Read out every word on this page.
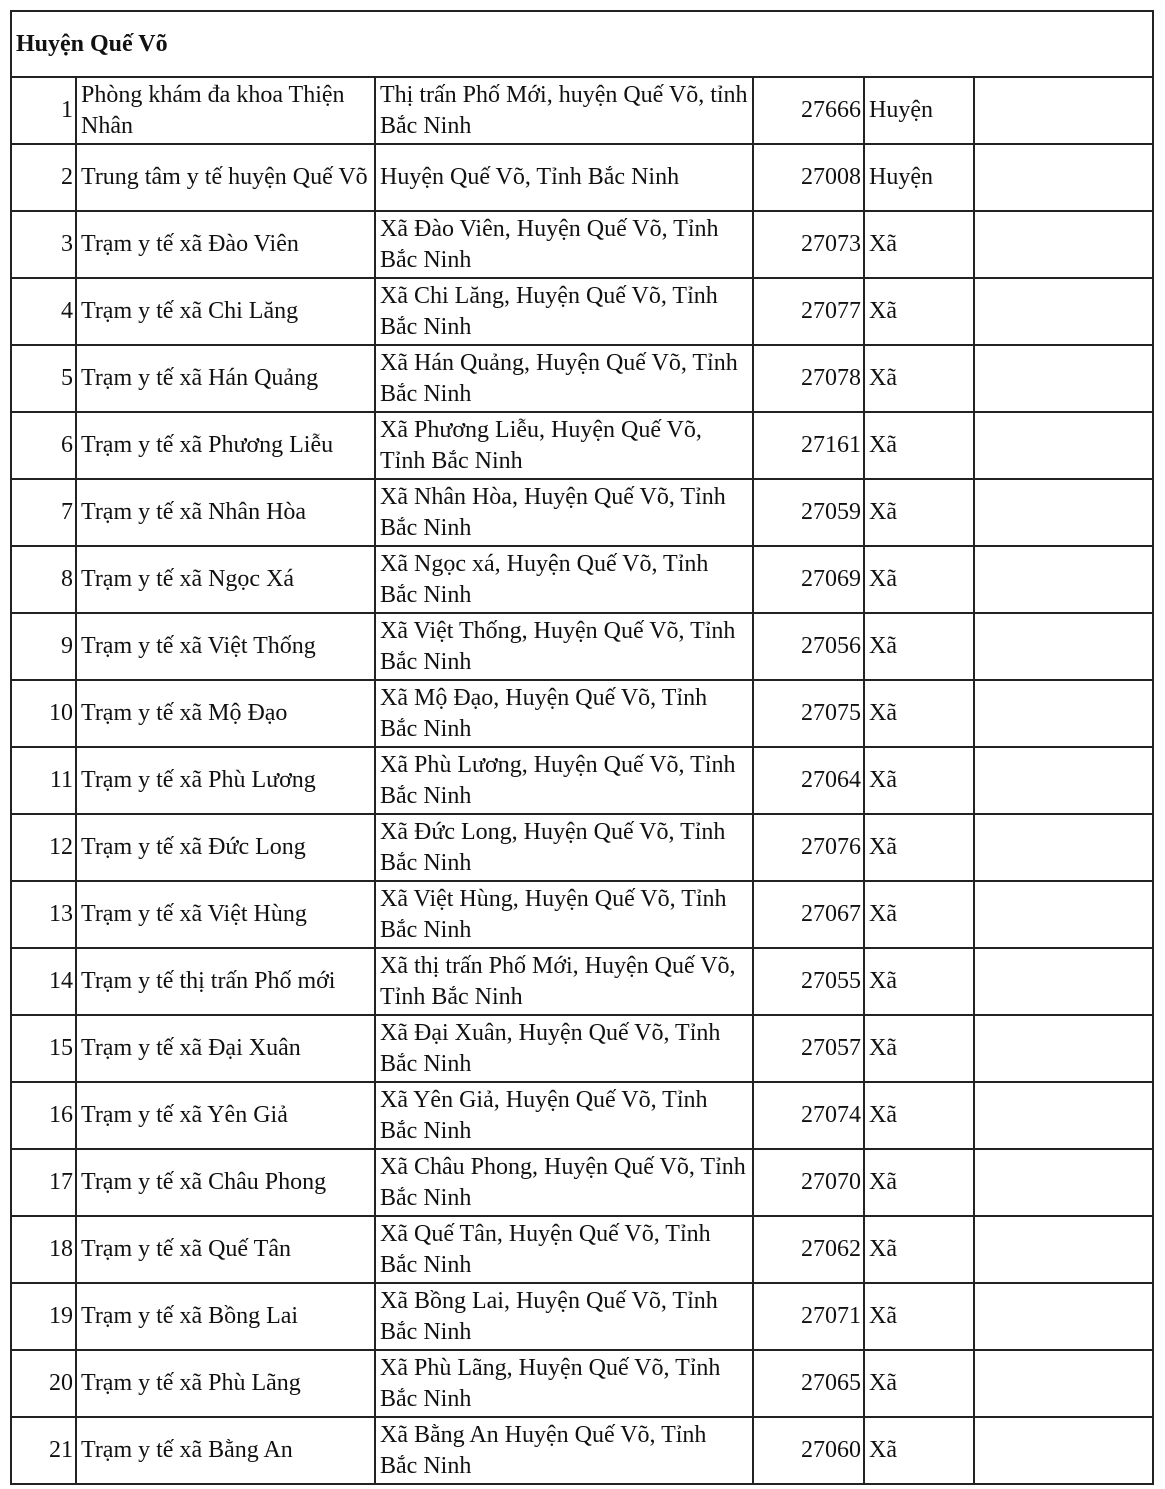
Huyện Quế Võ					
1	Phòng khám đa khoa Thiện Nhân	Thị trấn Phố Mới, huyện Quế Võ, tỉnh Bắc Ninh	27666	Huyện	
2	Trung tâm y tế huyện Quế Võ	Huyện Quế Võ, Tỉnh Bắc Ninh	27008	Huyện	
3	Trạm y tế xã Đào Viên	Xã Đào Viên, Huyện Quế Võ, Tỉnh Bắc Ninh	27073	Xã	
4	Trạm y tế xã Chi Lăng	Xã Chi Lăng, Huyện Quế Võ, Tỉnh Bắc Ninh	27077	Xã	
5	Trạm y tế xã Hán Quảng	Xã Hán Quảng, Huyện Quế Võ, Tỉnh Bắc Ninh	27078	Xã	
6	Trạm y tế xã Phương Liễu	Xã Phương Liễu, Huyện Quế Võ, Tỉnh Bắc Ninh	27161	Xã	
7	Trạm y tế xã Nhân Hòa	Xã Nhân Hòa, Huyện Quế Võ, Tỉnh Bắc Ninh	27059	Xã	
8	Trạm y tế xã Ngọc Xá	Xã Ngọc xá, Huyện Quế Võ, Tỉnh Bắc Ninh	27069	Xã	
9	Trạm y tế xã Việt Thống	Xã Việt Thống, Huyện Quế Võ, Tỉnh Bắc Ninh	27056	Xã	
10	Trạm y tế xã Mộ Đạo	Xã Mộ Đạo, Huyện Quế Võ, Tỉnh Bắc Ninh	27075	Xã	
11	Trạm y tế xã Phù Lương	Xã Phù Lương, Huyện Quế Võ, Tỉnh Bắc Ninh	27064	Xã	
12	Trạm y tế xã Đức Long	Xã Đức Long, Huyện Quế Võ, Tỉnh Bắc Ninh	27076	Xã	
13	Trạm y tế xã Việt Hùng	Xã Việt Hùng, Huyện Quế Võ, Tỉnh Bắc Ninh	27067	Xã	
14	Trạm y tế thị trấn Phố mới	Xã thị trấn Phố Mới, Huyện Quế Võ, Tỉnh Bắc Ninh	27055	Xã	
15	Trạm y tế xã Đại Xuân	Xã Đại Xuân, Huyện Quế Võ, Tỉnh Bắc Ninh	27057	Xã	
16	Trạm y tế xã Yên Giả	Xã Yên Giả, Huyện Quế Võ, Tỉnh Bắc Ninh	27074	Xã	
17	Trạm y tế xã Châu Phong	Xã Châu Phong, Huyện Quế Võ, Tỉnh Bắc Ninh	27070	Xã	
18	Trạm y tế xã Quế Tân	Xã Quế Tân, Huyện Quế Võ, Tỉnh Bắc Ninh	27062	Xã	
19	Trạm y tế xã Bồng Lai	Xã Bồng Lai, Huyện Quế Võ, Tỉnh Bắc Ninh	27071	Xã	
20	Trạm y tế xã Phù Lãng	Xã Phù Lãng, Huyện Quế Võ, Tỉnh Bắc Ninh	27065	Xã	
21	Trạm y tế xã Bằng An	Xã Bằng An Huyện Quế Võ, Tỉnh Bắc Ninh	27060	Xã	
